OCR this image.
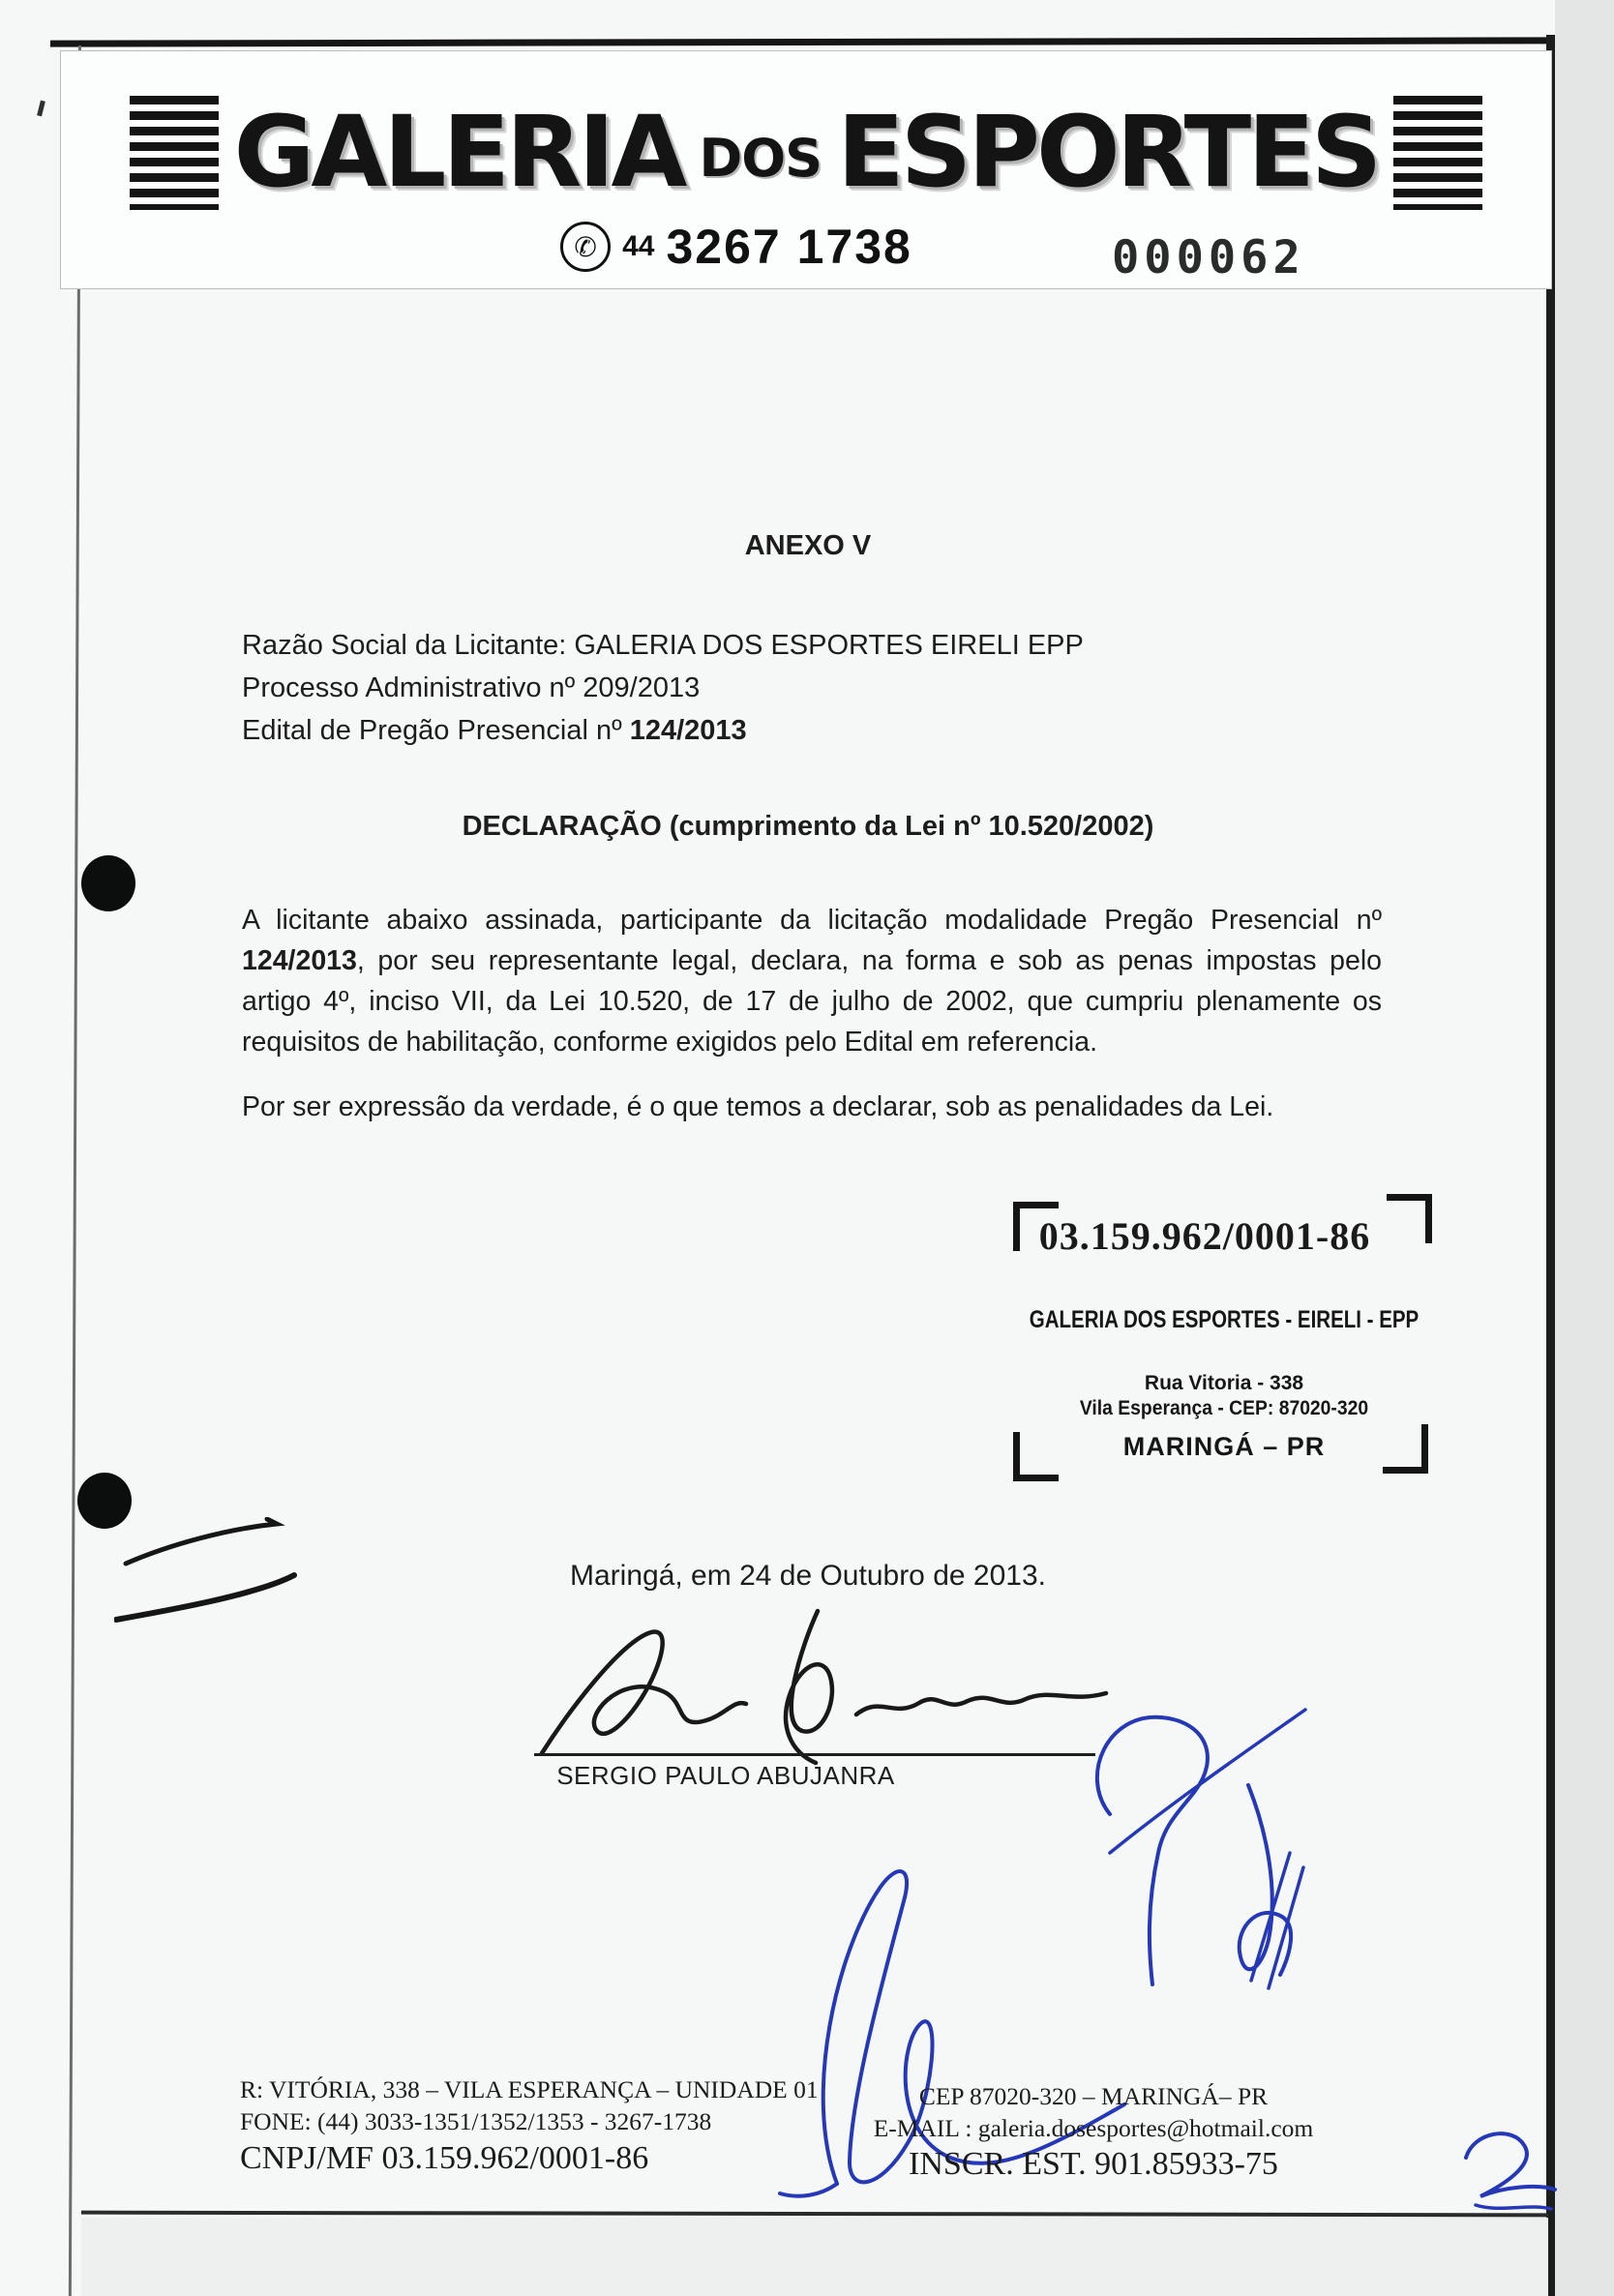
GALERIA DOS ESPORTES
✆ 44 3267 1738	000062
ANEXO V
Razão Social da Licitante: GALERIA DOS ESPORTES EIRELI EPP
Processo Administrativo nº 209/2013
Edital de Pregão Presencial nº 124/2013
DECLARAÇÃO (cumprimento da Lei nº 10.520/2002)
A licitante abaixo assinada, participante da licitação modalidade Pregão Presencial nº 124/2013, por seu representante legal, declara, na forma e sob as penas impostas pelo artigo 4º, inciso VII, da Lei 10.520, de 17 de julho de 2002, que cumpriu plenamente os requisitos de habilitação, conforme exigidos pelo Edital em referencia.
Por ser expressão da verdade, é o que temos a declarar, sob as penalidades da Lei.
03.159.962/0001-86
GALERIA DOS ESPORTES - EIRELI - EPP
Rua Vitoria - 338
Vila Esperança - CEP: 87020-320
MARINGÁ – PR
Maringá, em 24 de Outubro de 2013.
SERGIO PAULO ABUJANRA
R: VITÓRIA, 338 – VILA ESPERANÇA – UNIDADE 01
FONE: (44) 3033-1351/1352/1353 - 3267-1738
CNPJ/MF 03.159.962/0001-86
CEP 87020-320 – MARINGÁ– PR
E-MAIL : galeria.dosesportes@hotmail.com
INSCR. EST. 901.85933-75
